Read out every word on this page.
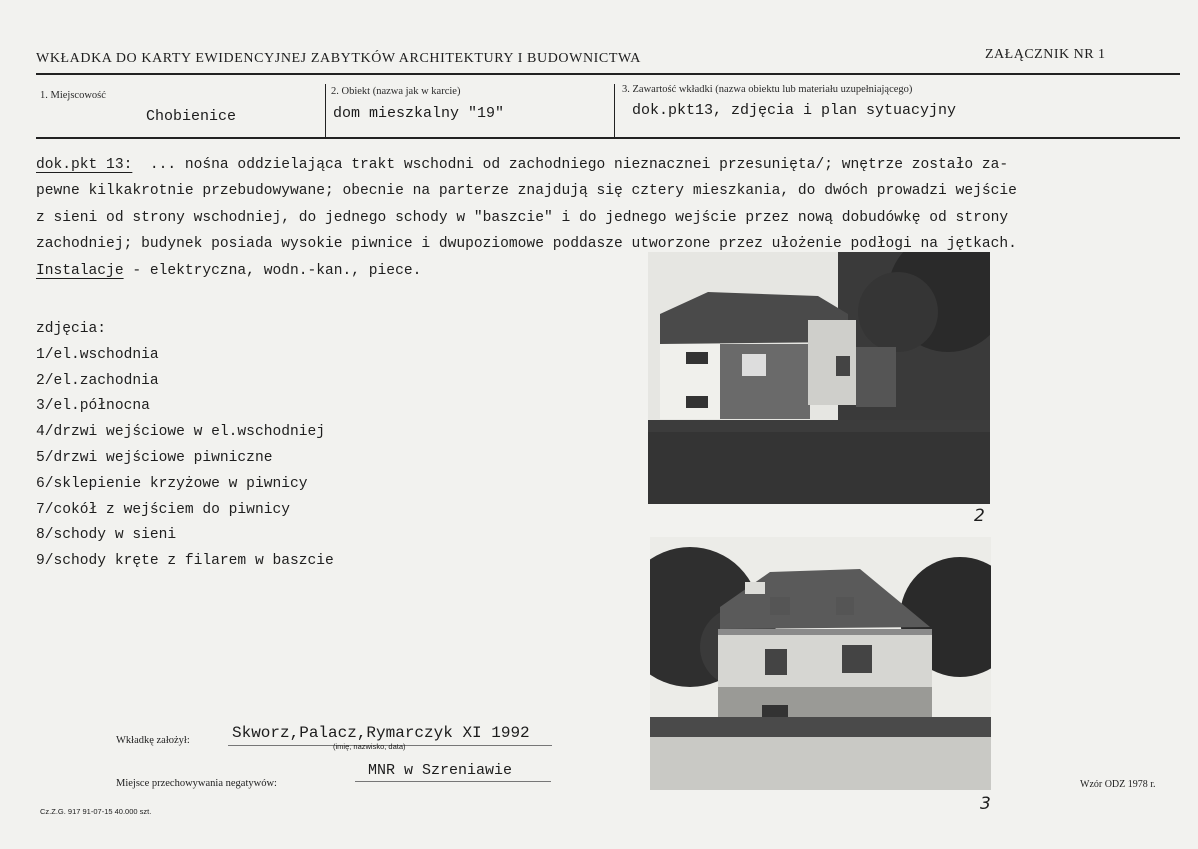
WKŁADKA DO KARTY EWIDENCYJNEJ ZABYTKÓW ARCHITEKTURY I BUDOWNICTWA	ZAŁĄCZNIK NR 1
1. Miejscowość
Chobienice
2. Obiekt (nazwa jak w karcie)
dom mieszkalny "19"
3. Zawartość wkładki (nazwa obiektu lub materiału uzupełniającego)
dok.pkt13, zdjęcia i plan sytuacyjny
dok.pkt 13:  ... nośna oddzielająca trakt wschodni od zachodniego nieznacznei przesunięta/; wnętrze zostało za-
pewne kilkakrotnie przebudowywane; obecnie na parterze znajdują się cztery mieszkania, do dwóch prowadzi wejście
z sieni od strony wschodniej, do jednego schody w "baszcie" i do jednego wejście przez nową dobudówkę od strony
zachodniej; budynek posiada wysokie piwnice i dwupoziomowe poddasze utworzone przez ułożenie podłogi na jętkach.
Instalacje - elektryczna, wodn.-kan., piece.
zdjęcia:
1/el.wschodnia
2/el.zachodnia
3/el.północna
4/drzwi wejściowe w el.wschodniej
5/drzwi wejściowe piwniczne
6/sklepienie krzyżowe w piwnicy
7/cokół z wejściem do piwnicy
8/schody w sieni
9/schody kręte z filarem w baszcie
2
3
Wkładkę założył:	Skworz,Palacz,Rymarczyk XI 1992
(imię, nazwisko, data)
Miejsce przechowywania negatywów:
MNR w Szreniawie
Cz.Z.G. 917 91-07-15 40.000 szt.
Wzór ODZ 1978 r.
